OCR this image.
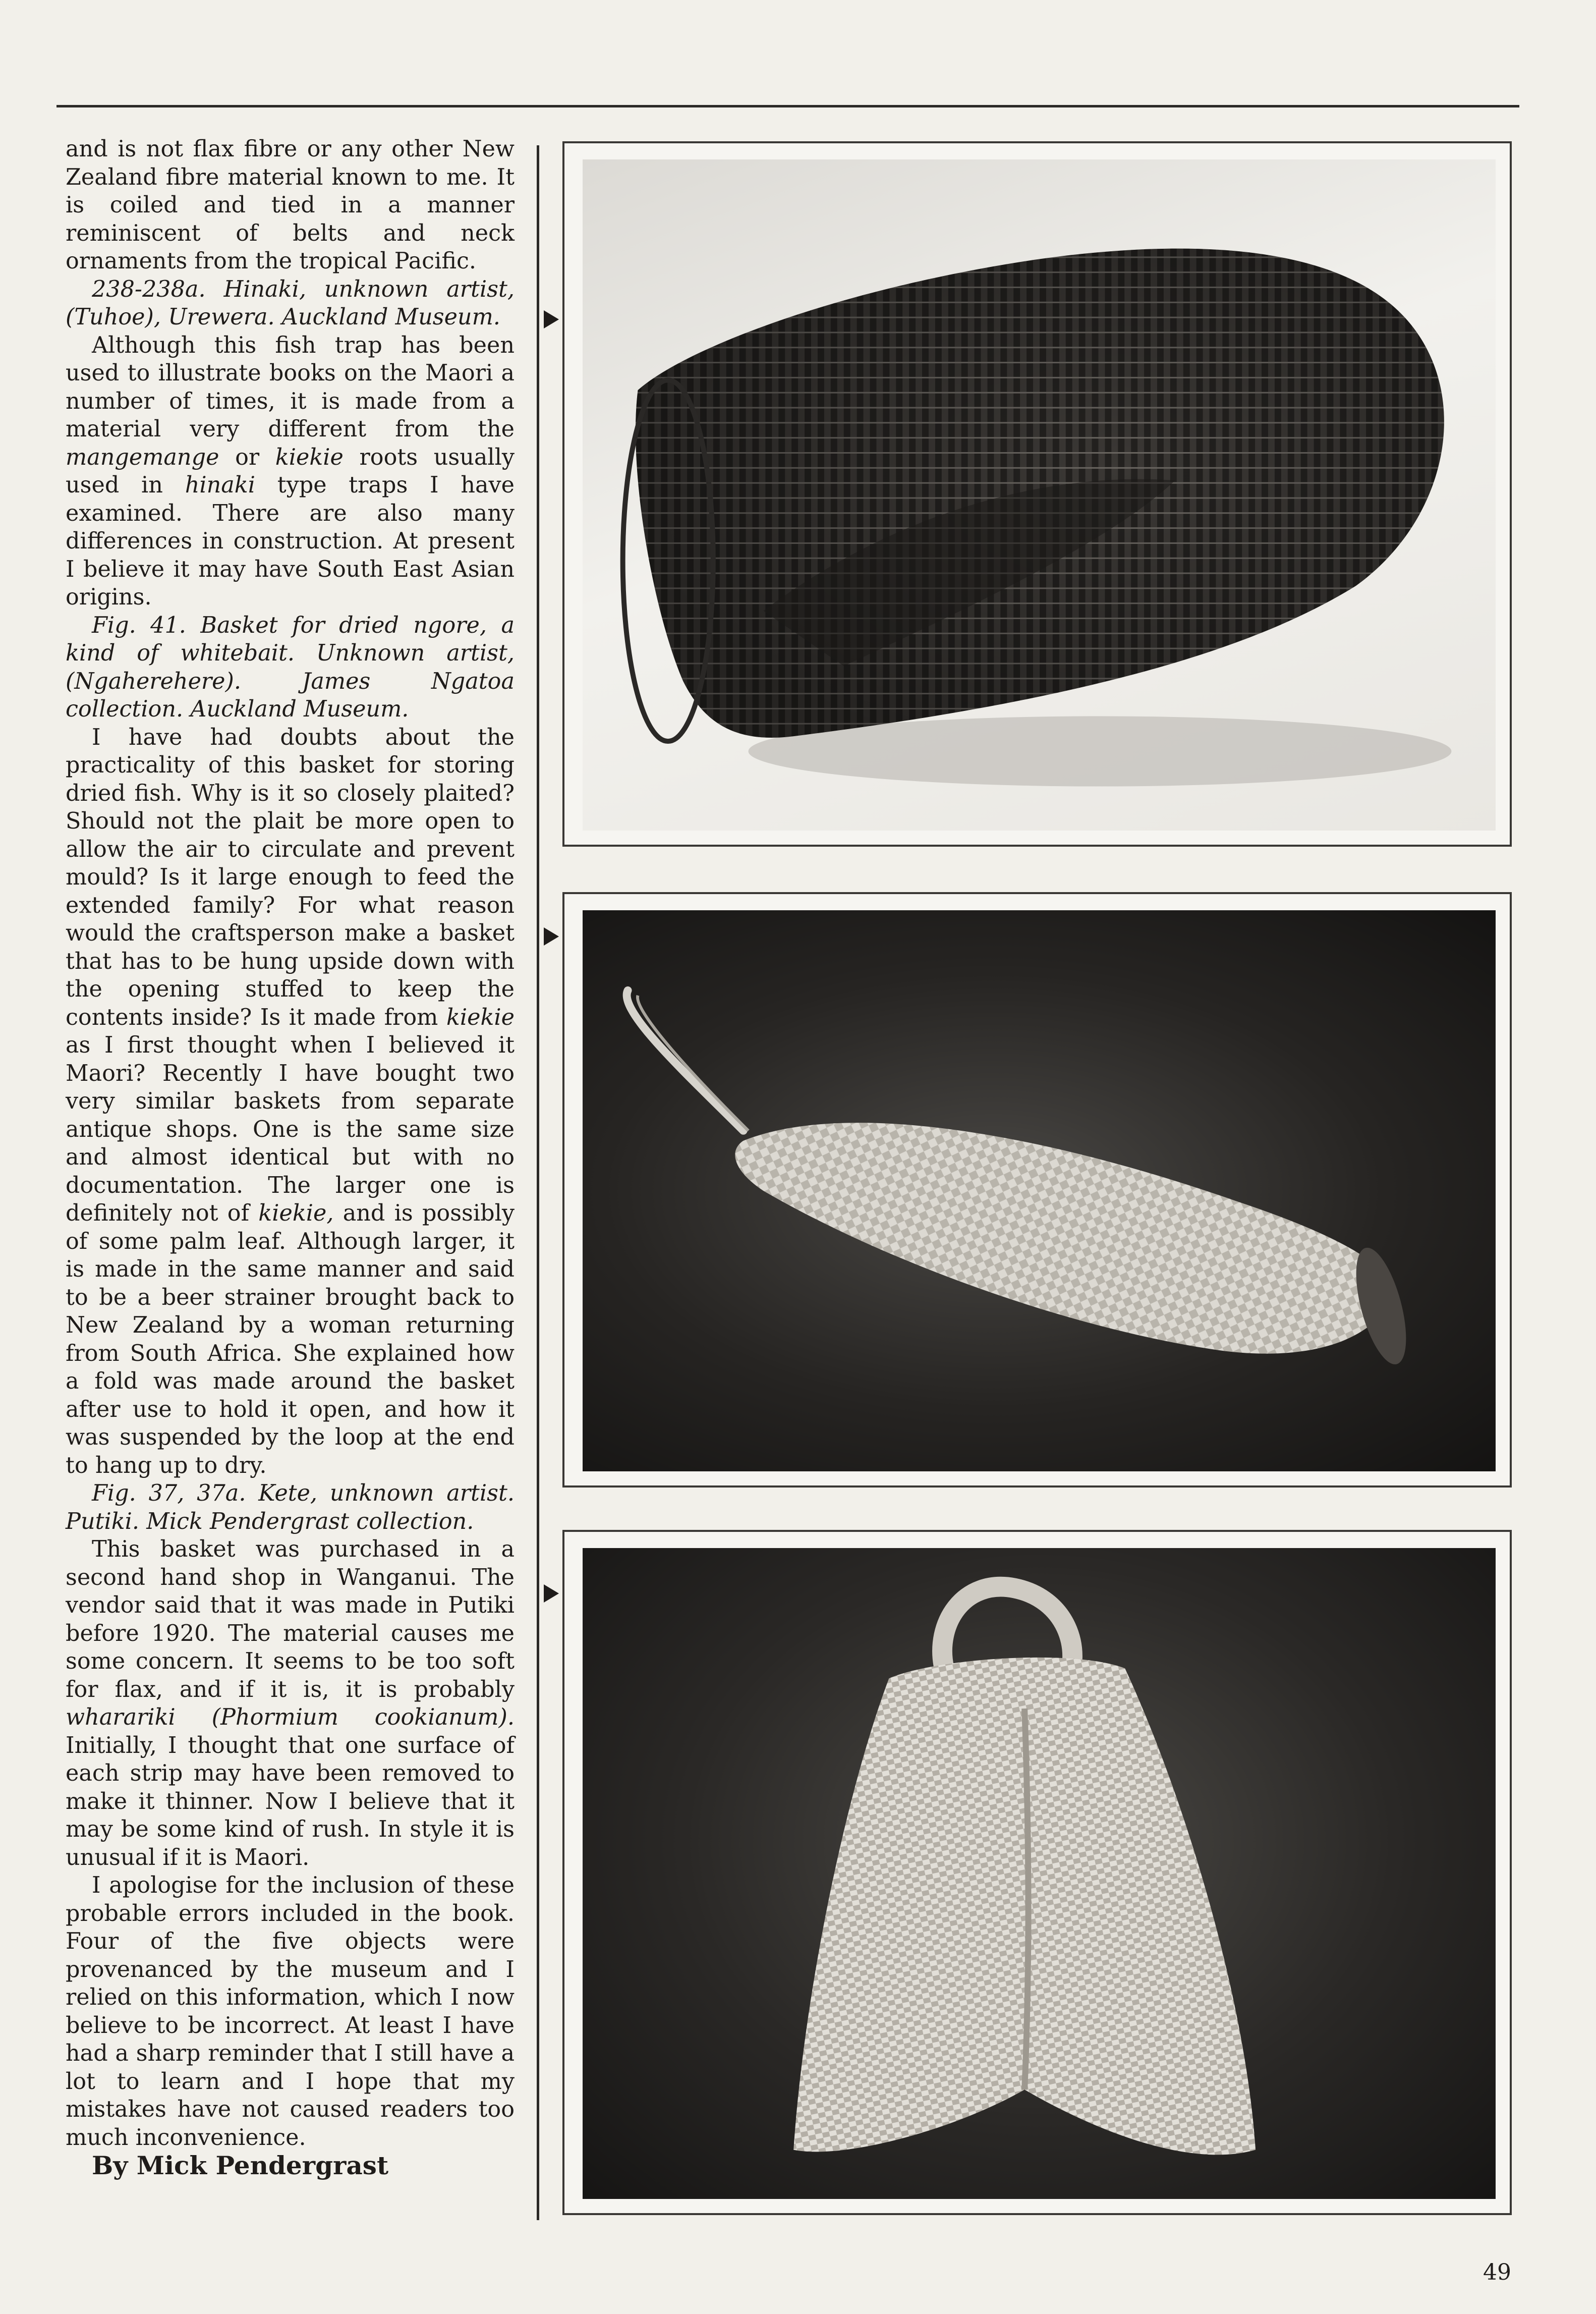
and is not flax fibre or any other New Zealand fibre material known to me. It is coiled and tied in a manner reminiscent of belts and neck ornaments from the tropical Pacific.

238-238a. Hinaki, unknown artist, (Tuhoe), Urewera. Auckland Museum.

Although this fish trap has been used to illustrate books on the Maori a number of times, it is made from a material very different from the mangemange or kiekie roots usually used in hinaki type traps I have examined. There are also many differences in construction. At present I believe it may have South East Asian origins.

Fig. 41. Basket for dried ngore, a kind of whitebait. Unknown artist, (Ngaherehere). James Ngatoa collection. Auckland Museum.

I have had doubts about the practicality of this basket for storing dried fish. Why is it so closely plaited? Should not the plait be more open to allow the air to circulate and prevent mould? Is it large enough to feed the extended family? For what reason would the craftsperson make a basket that has to be hung upside down with the opening stuffed to keep the contents inside? Is it made from kiekie as I first thought when I believed it Maori? Recently I have bought two very similar baskets from separate antique shops. One is the same size and almost identical but with no documentation. The larger one is definitely not of kiekie, and is possibly of some palm leaf. Although larger, it is made in the same manner and said to be a beer strainer brought back to New Zealand by a woman returning from South Africa. She explained how a fold was made around the basket after use to hold it open, and how it was suspended by the loop at the end to hang up to dry.

Fig. 37, 37a. Kete, unknown artist. Putiki. Mick Pendergrast collection.

This basket was purchased in a second hand shop in Wanganui. The vendor said that it was made in Putiki before 1920. The material causes me some concern. It seems to be too soft for flax, and if it is, it is probably wharariki (Phormium cookianum). Initially, I thought that one surface of each strip may have been removed to make it thinner. Now I believe that it may be some kind of rush. In style it is unusual if it is Maori.

I apologise for the inclusion of these probable errors included in the book. Four of the five objects were provenanced by the museum and I relied on this information, which I now believe to be incorrect. At least I have had a sharp reminder that I still have a lot to learn and I hope that my mistakes have not caused readers too much inconvenience.

By Mick Pendergrast

49
